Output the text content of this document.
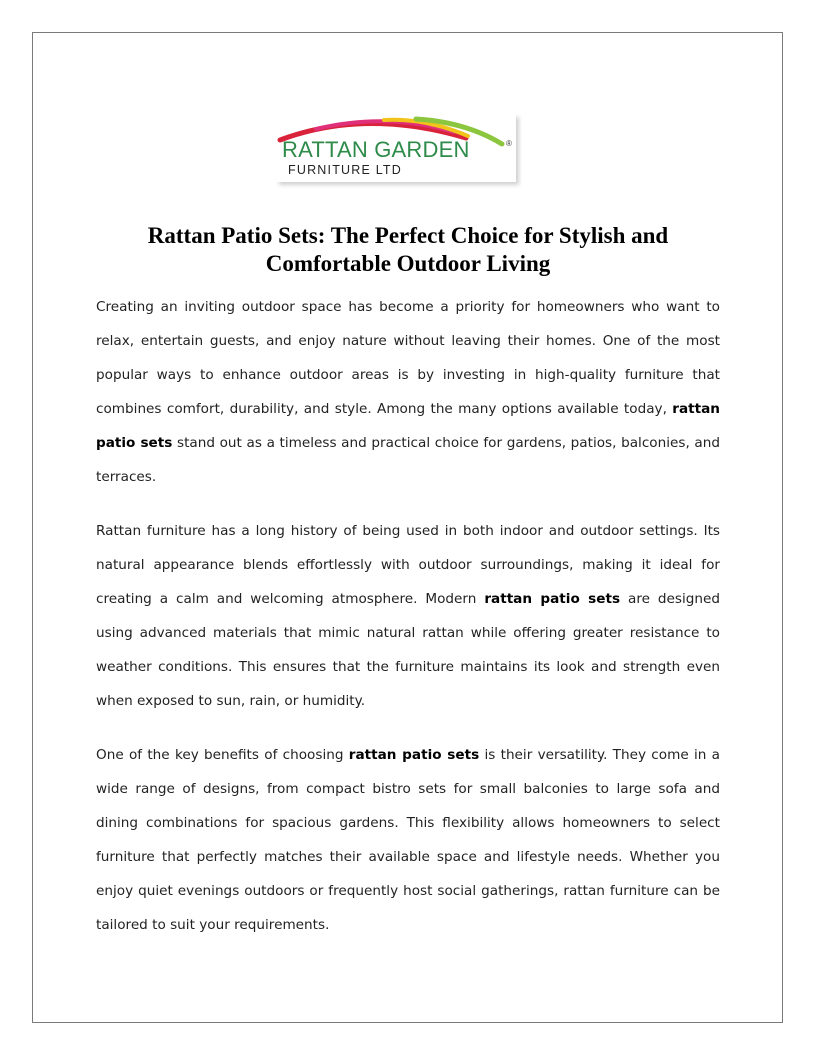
RATTAN GARDEN	®
FURNITURE LTD
Rattan Patio Sets: The Perfect Choice for Stylish and Comfortable Outdoor Living

Creating an inviting outdoor space has become a priority for homeowners who want to relax, entertain guests, and enjoy nature without leaving their homes. One of the most popular ways to enhance outdoor areas is by investing in high-quality furniture that combines comfort, durability, and style. Among the many options available today, rattan patio sets stand out as a timeless and practical choice for gardens, patios, balconies, and terraces.

Rattan furniture has a long history of being used in both indoor and outdoor settings. Its natural appearance blends effortlessly with outdoor surroundings, making it ideal for creating a calm and welcoming atmosphere. Modern rattan patio sets are designed using advanced materials that mimic natural rattan while offering greater resistance to weather conditions. This ensures that the furniture maintains its look and strength even when exposed to sun, rain, or humidity.

One of the key benefits of choosing rattan patio sets is their versatility. They come in a wide range of designs, from compact bistro sets for small balconies to large sofa and dining combinations for spacious gardens. This flexibility allows homeowners to select furniture that perfectly matches their available space and lifestyle needs. Whether you enjoy quiet evenings outdoors or frequently host social gatherings, rattan furniture can be tailored to suit your requirements.
